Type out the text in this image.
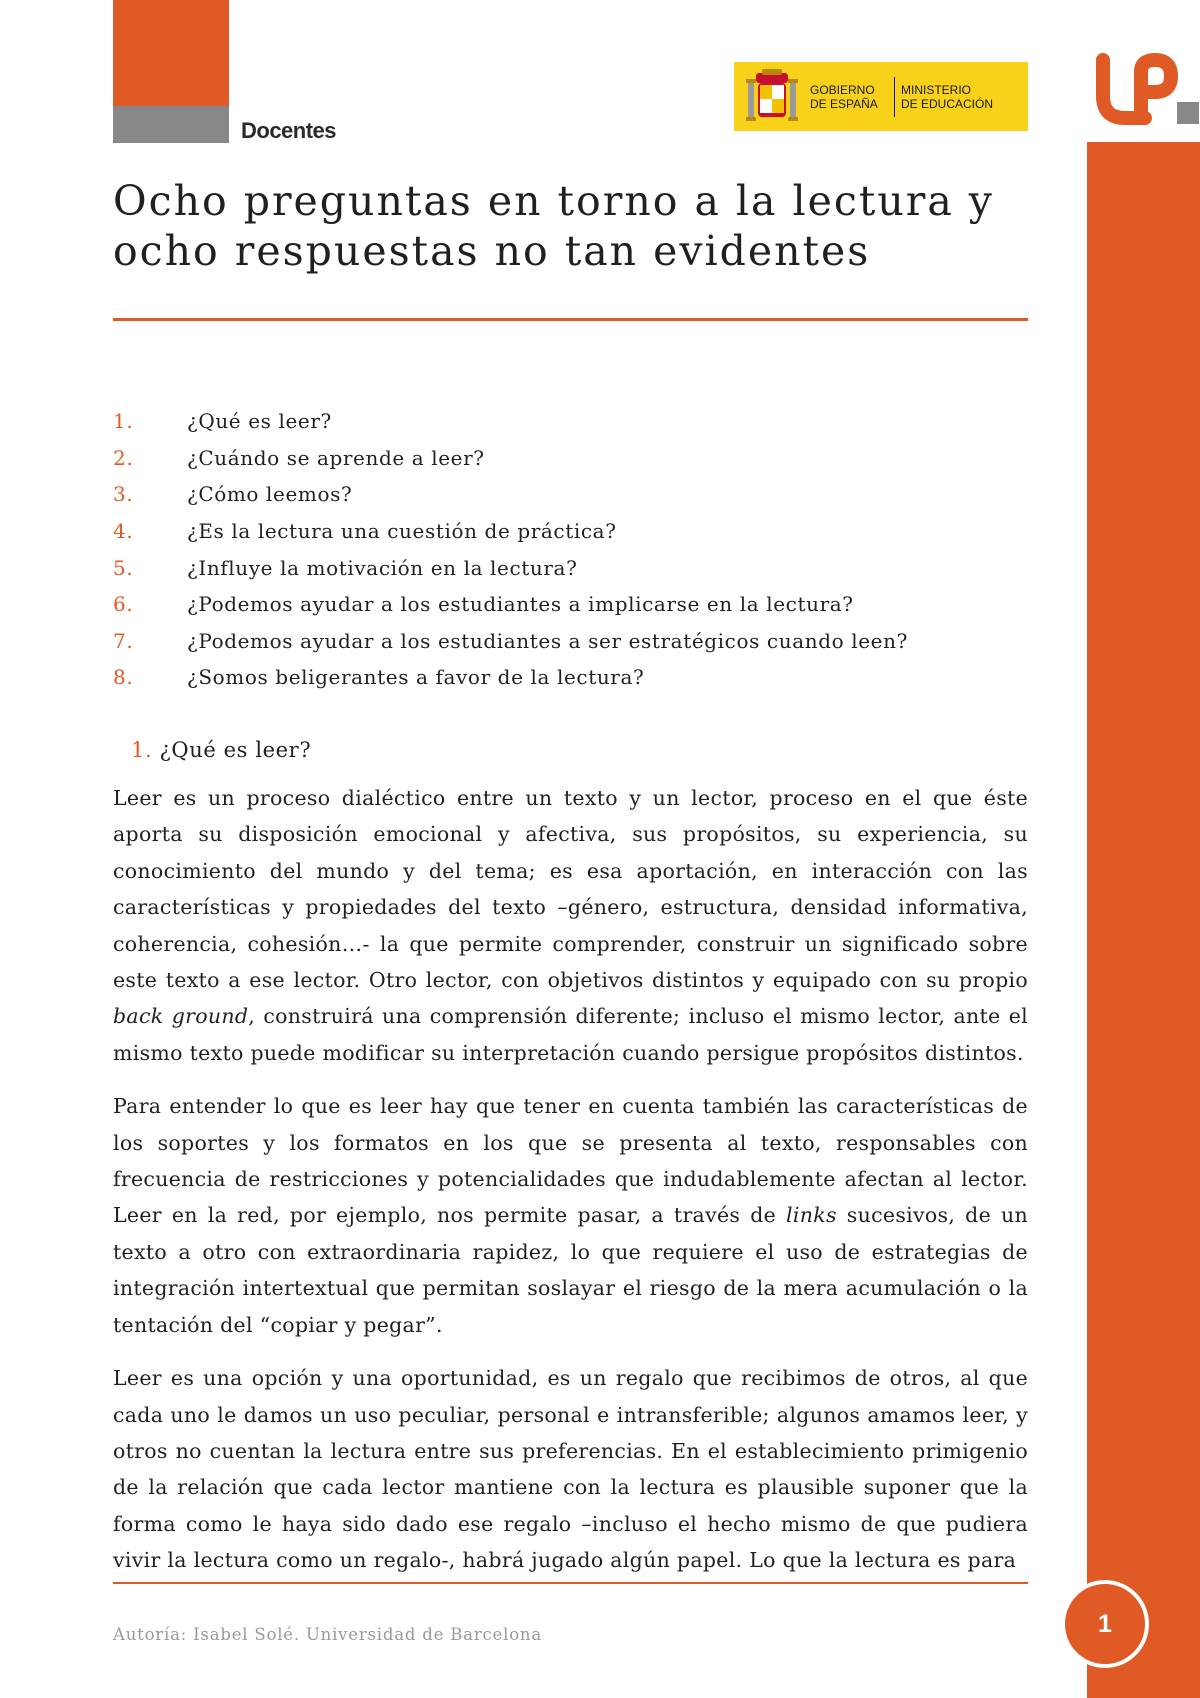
Docentes
GOBIERNO
DE ESPAÑA
MINISTERIO
DE EDUCACIÓN
Ocho preguntas en torno a la lectura y
ocho respuestas no tan evidentes
1.	¿Qué es leer?
2.	¿Cuándo se aprende a leer?
3.	¿Cómo leemos?
4.	¿Es la lectura una cuestión de práctica?
5.	¿Influye la motivación en la lectura?
6.	¿Podemos ayudar a los estudiantes a implicarse en la lectura?
7.	¿Podemos ayudar a los estudiantes a ser estratégicos cuando leen?
8.	¿Somos beligerantes a favor de la lectura?
1. ¿Qué es leer?

Leer es un proceso dialéctico entre un texto y un lector, proceso en el que éste aporta su disposición emocional y afectiva, sus propósitos, su experiencia, su conocimiento del mundo y del tema; es esa aportación, en interacción con las características y propiedades del texto –género, estructura, densidad informativa, coherencia, cohesión…- la que permite comprender, construir un significado sobre este texto a ese lector. Otro lector, con objetivos distintos y equipado con su propio back ground, construirá una comprensión diferente; incluso el mismo lector, ante el mismo texto puede modificar su interpretación cuando persigue propósitos distintos.

Para entender lo que es leer hay que tener en cuenta también las características de los soportes y los formatos en los que se presenta al texto, responsables con frecuencia de restricciones y potencialidades que indudablemente afectan al lector. Leer en la red, por ejemplo, nos permite pasar, a través de links sucesivos, de un texto a otro con extraordinaria rapidez, lo que requiere el uso de estrategias de integración intertextual que permitan soslayar el riesgo de la mera acumulación o la tentación del “copiar y pegar”.

Leer es una opción y una oportunidad, es un regalo que recibimos de otros, al que cada uno le damos un uso peculiar, personal e intransferible; algunos amamos leer, y otros no cuentan la lectura entre sus preferencias. En el establecimiento primigenio de la relación que cada lector mantiene con la lectura es plausible suponer que la forma como le haya sido dado ese regalo –incluso el hecho mismo de que pudiera vivir la lectura como un regalo-, habrá jugado algún papel. Lo que la lectura es para

Autoría: Isabel Solé. Universidad de Barcelona	1
